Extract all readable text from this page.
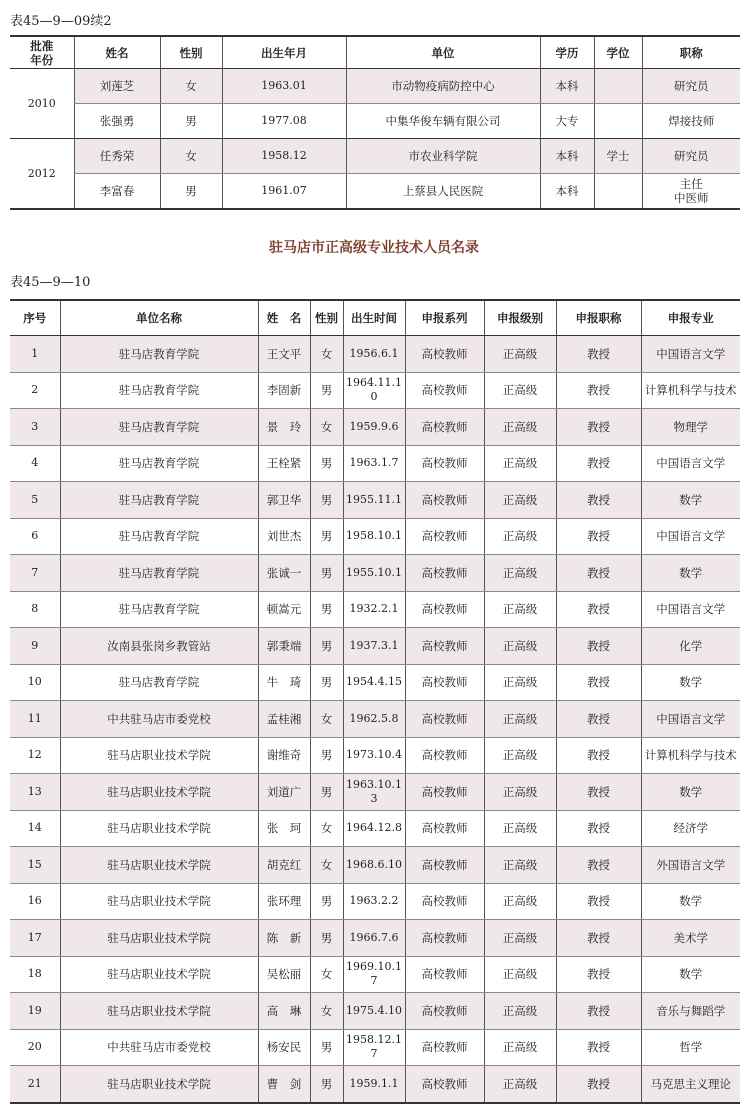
表45—9—09续2
批准
年份	姓名	性别	出生年月	单位	学历	学位	职称
2010	刘莲芝	女	1963.01	市动物疫病防控中心	本科		研究员
	张强勇	男	1977.08	中集华俊车辆有限公司	大专		焊接技师
2012	任秀荣	女	1958.12	市农业科学院	本科	学士	研究员
	李富春	男	1961.07	上蔡县人民医院	本科		主任
中医师
驻马店市正高级专业技术人员名录
表45—9—10
序号	单位名称	姓　名	性别	出生时间	申报系列	申报级别	申报职称	申报专业
1	驻马店教育学院	王文平	女	1956.6.1	高校教师	正高级	教授	中国语言文学
2	驻马店教育学院	李固新	男	1964.11.10	高校教师	正高级	教授	计算机科学与技术
3	驻马店教育学院	景　玲	女	1959.9.6	高校教师	正高级	教授	物理学
4	驻马店教育学院	王栓紧	男	1963.1.7	高校教师	正高级	教授	中国语言文学
5	驻马店教育学院	郭卫华	男	1955.11.1	高校教师	正高级	教授	数学
6	驻马店教育学院	刘世杰	男	1958.10.1	高校教师	正高级	教授	中国语言文学
7	驻马店教育学院	张诚一	男	1955.10.1	高校教师	正高级	教授	数学
8	驻马店教育学院	顿嵩元	男	1932.2.1	高校教师	正高级	教授	中国语言文学
9	汝南县张岗乡教管站	郭秉端	男	1937.3.1	高校教师	正高级	教授	化学
10	驻马店教育学院	牛　琦	男	1954.4.15	高校教师	正高级	教授	数学
11	中共驻马店市委党校	孟桂湘	女	1962.5.8	高校教师	正高级	教授	中国语言文学
12	驻马店职业技术学院	谢维奇	男	1973.10.4	高校教师	正高级	教授	计算机科学与技术
13	驻马店职业技术学院	刘道广	男	1963.10.13	高校教师	正高级	教授	数学
14	驻马店职业技术学院	张　珂	女	1964.12.8	高校教师	正高级	教授	经济学
15	驻马店职业技术学院	胡克红	女	1968.6.10	高校教师	正高级	教授	外国语言文学
16	驻马店职业技术学院	张环理	男	1963.2.2	高校教师	正高级	教授	数学
17	驻马店职业技术学院	陈　新	男	1966.7.6	高校教师	正高级	教授	美术学
18	驻马店职业技术学院	吴松丽	女	1969.10.17	高校教师	正高级	教授	数学
19	驻马店职业技术学院	高　琳	女	1975.4.10	高校教师	正高级	教授	音乐与舞蹈学
20	中共驻马店市委党校	杨安民	男	1958.12.17	高校教师	正高级	教授	哲学
21	驻马店职业技术学院	曹　剑	男	1959.1.1	高校教师	正高级	教授	马克思主义理论
